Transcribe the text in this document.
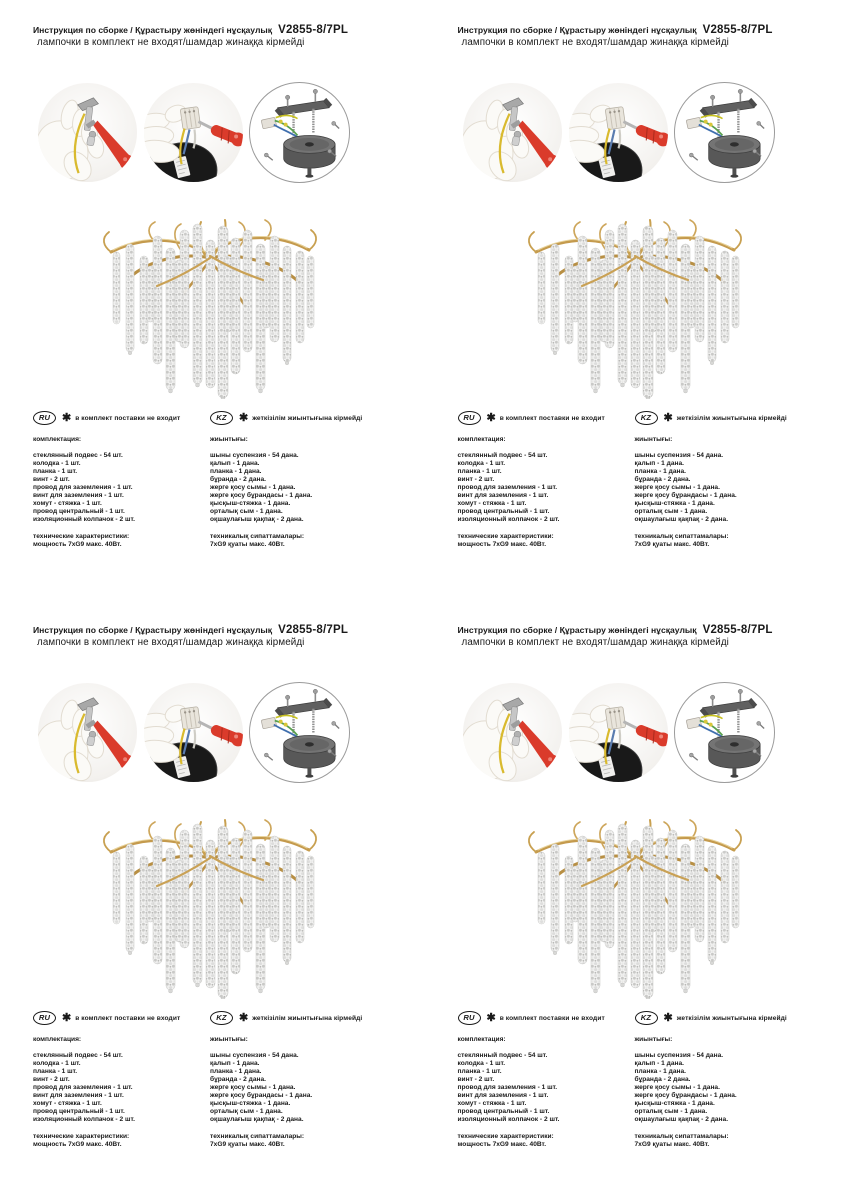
Инструкция по сборке / Құрастыру жөніндегі нұсқаулық V2855-8/7PL
лампочки в комплект не входят/шамдар жинаққа кірмейді
RU	✱ в комплект поставки не входит
комплектация:
стеклянный подвес - 54 шт.
колодка - 1 шт.
планка - 1 шт.
винт - 2 шт.
провод для заземления - 1 шт.
винт для заземления - 1 шт.
хомут - стяжка - 1 шт.
провод центральный - 1 шт.
изоляционный колпачок - 2 шт.
технические характеристики:
мощность 7хG9 макс. 40Вт.
KZ	✱ жеткізілім жиынтығына кірмейді
жиынтығы:
шыны суспензия - 54 дана.
қалып - 1 дана.
планка - 1 дана.
бұранда - 2 дана.
жерге қосу сымы - 1 дана.
жерге қосу бұрандасы - 1 дана.
қысқыш-стяжка - 1 дана.
орталық сым - 1 дана.
оқшаулағыш қақпақ - 2 дана.
техникалық сипаттамалары:
7хG9 қуаты макс. 40Вт.
Инструкция по сборке / Құрастыру жөніндегі нұсқаулық V2855-8/7PL
лампочки в комплект не входят/шамдар жинаққа кірмейді
RU	✱ в комплект поставки не входит
комплектация:
стеклянный подвес - 54 шт.
колодка - 1 шт.
планка - 1 шт.
винт - 2 шт.
провод для заземления - 1 шт.
винт для заземления - 1 шт.
хомут - стяжка - 1 шт.
провод центральный - 1 шт.
изоляционный колпачок - 2 шт.
технические характеристики:
мощность 7хG9 макс. 40Вт.
KZ	✱ жеткізілім жиынтығына кірмейді
жиынтығы:
шыны суспензия - 54 дана.
қалып - 1 дана.
планка - 1 дана.
бұранда - 2 дана.
жерге қосу сымы - 1 дана.
жерге қосу бұрандасы - 1 дана.
қысқыш-стяжка - 1 дана.
орталық сым - 1 дана.
оқшаулағыш қақпақ - 2 дана.
техникалық сипаттамалары:
7хG9 қуаты макс. 40Вт.
Инструкция по сборке / Құрастыру жөніндегі нұсқаулық V2855-8/7PL
лампочки в комплект не входят/шамдар жинаққа кірмейді
RU	✱ в комплект поставки не входит
комплектация:
стеклянный подвес - 54 шт.
колодка - 1 шт.
планка - 1 шт.
винт - 2 шт.
провод для заземления - 1 шт.
винт для заземления - 1 шт.
хомут - стяжка - 1 шт.
провод центральный - 1 шт.
изоляционный колпачок - 2 шт.
технические характеристики:
мощность 7хG9 макс. 40Вт.
KZ	✱ жеткізілім жиынтығына кірмейді
жиынтығы:
шыны суспензия - 54 дана.
қалып - 1 дана.
планка - 1 дана.
бұранда - 2 дана.
жерге қосу сымы - 1 дана.
жерге қосу бұрандасы - 1 дана.
қысқыш-стяжка - 1 дана.
орталық сым - 1 дана.
оқшаулағыш қақпақ - 2 дана.
техникалық сипаттамалары:
7хG9 қуаты макс. 40Вт.
Инструкция по сборке / Құрастыру жөніндегі нұсқаулық V2855-8/7PL
лампочки в комплект не входят/шамдар жинаққа кірмейді
RU	✱ в комплект поставки не входит
комплектация:
стеклянный подвес - 54 шт.
колодка - 1 шт.
планка - 1 шт.
винт - 2 шт.
провод для заземления - 1 шт.
винт для заземления - 1 шт.
хомут - стяжка - 1 шт.
провод центральный - 1 шт.
изоляционный колпачок - 2 шт.
технические характеристики:
мощность 7хG9 макс. 40Вт.
KZ	✱ жеткізілім жиынтығына кірмейді
жиынтығы:
шыны суспензия - 54 дана.
қалып - 1 дана.
планка - 1 дана.
бұранда - 2 дана.
жерге қосу сымы - 1 дана.
жерге қосу бұрандасы - 1 дана.
қысқыш-стяжка - 1 дана.
орталық сым - 1 дана.
оқшаулағыш қақпақ - 2 дана.
техникалық сипаттамалары:
7хG9 қуаты макс. 40Вт.
